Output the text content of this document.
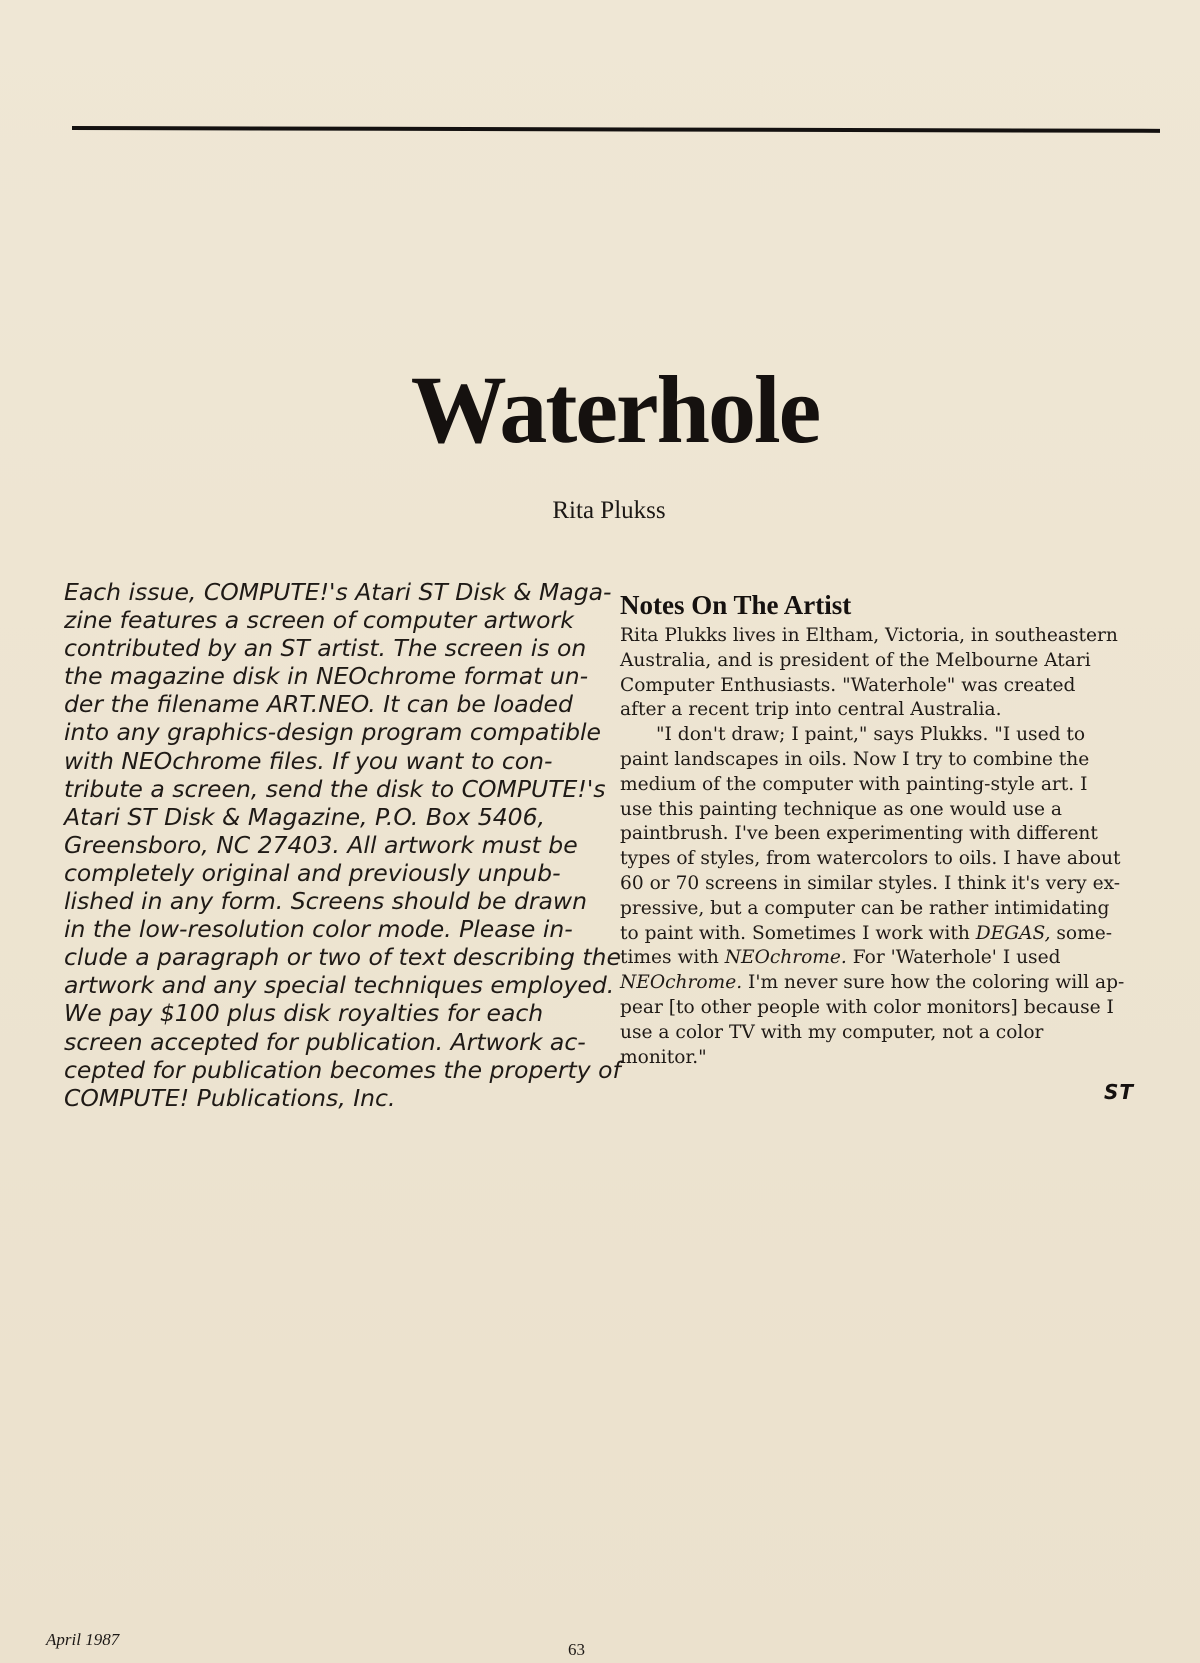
Waterhole
Rita Plukss
Each issue, COMPUTE!'s Atari ST Disk & Maga-
zine features a screen of computer artwork
contributed by an ST artist. The screen is on
the magazine disk in NEOchrome format un-
der the filename ART.NEO. It can be loaded
into any graphics-design program compatible
with NEOchrome files. If you want to con-
tribute a screen, send the disk to COMPUTE!'s
Atari ST Disk & Magazine, P.O. Box 5406,
Greensboro, NC 27403. All artwork must be
completely original and previously unpub-
lished in any form. Screens should be drawn
in the low-resolution color mode. Please in-
clude a paragraph or two of text describing the
artwork and any special techniques employed.
We pay $100 plus disk royalties for each
screen accepted for publication. Artwork ac-
cepted for publication becomes the property of
COMPUTE! Publications, Inc.
Notes On The Artist
Rita Plukks lives in Eltham, Victoria, in southeastern
Australia, and is president of the Melbourne Atari
Computer Enthusiasts. "Waterhole" was created
after a recent trip into central Australia.
"I don't draw; I paint," says Plukks. "I used to
paint landscapes in oils. Now I try to combine the
medium of the computer with painting-style art. I
use this painting technique as one would use a
paintbrush. I've been experimenting with different
types of styles, from watercolors to oils. I have about
60 or 70 screens in similar styles. I think it's very ex-
pressive, but a computer can be rather intimidating
to paint with. Sometimes I work with DEGAS, some-
times with NEOchrome. For 'Waterhole' I used
NEOchrome. I'm never sure how the coloring will ap-
pear [to other people with color monitors] because I
use a color TV with my computer, not a color
monitor."
ST
April 1987
63
